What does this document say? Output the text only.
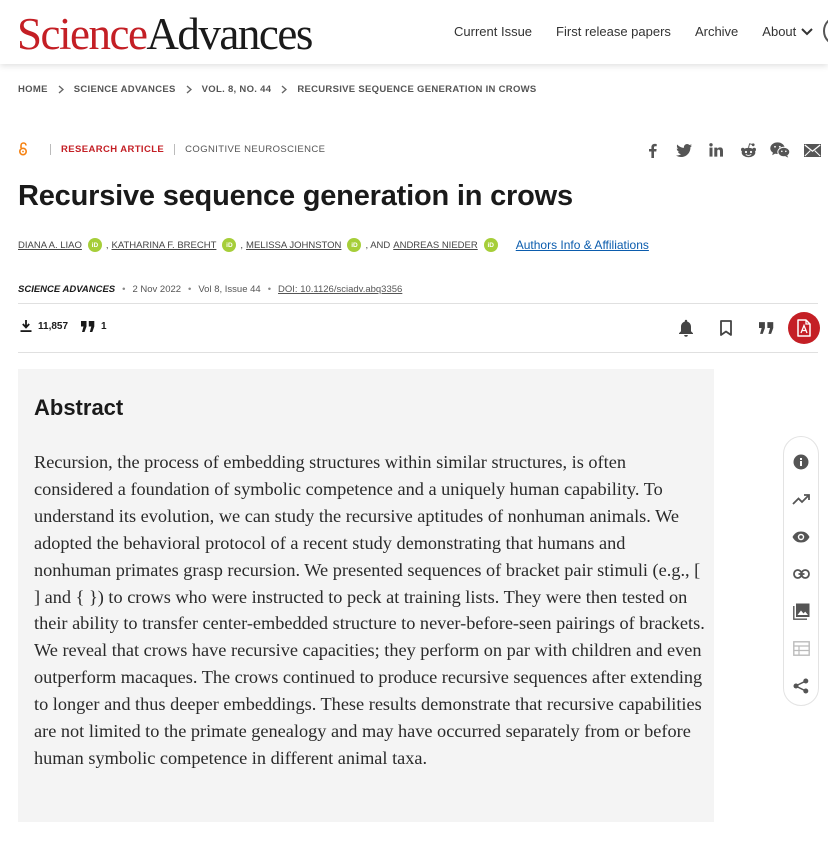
ScienceAdvances	Current Issue First release papers Archive About
HOME	SCIENCE ADVANCES	VOL. 8, NO. 44	RECURSIVE SEQUENCE GENERATION IN CROWS
RESEARCH ARTICLE COGNITIVE NEUROSCIENCE
Recursive sequence generation in crows
DIANA A. LIAO	iD , KATHARINA F. BRECHT	iD , MELISSA JOHNSTON	iD , AND ANDREAS NIEDER	iD	Authors Info & Affiliations
SCIENCE ADVANCES • 2 Nov 2022 • Vol 8, Issue 44 • DOI: 10.1126/sciadv.abq3356
11,857	1
Abstract

Recursion, the process of embedding structures within similar structures, is often considered a foundation of symbolic competence and a uniquely human capability. To understand its evolution, we can study the recursive aptitudes of nonhuman animals. We adopted the behavioral protocol of a recent study demonstrating that humans and nonhuman primates grasp recursion. We presented sequences of bracket pair stimuli (e.g., [ ] and { }) to crows who were instructed to peck at training lists. They were then tested on their ability to transfer center-embedded structure to never-before-seen pairings of brackets. We reveal that crows have recursive capacities; they perform on par with children and even outperform macaques. The crows continued to produce recursive sequences after extending to longer and thus deeper embeddings. These results demonstrate that recursive capabilities are not limited to the primate genealogy and may have occurred separately from or before human symbolic competence in different animal taxa.
